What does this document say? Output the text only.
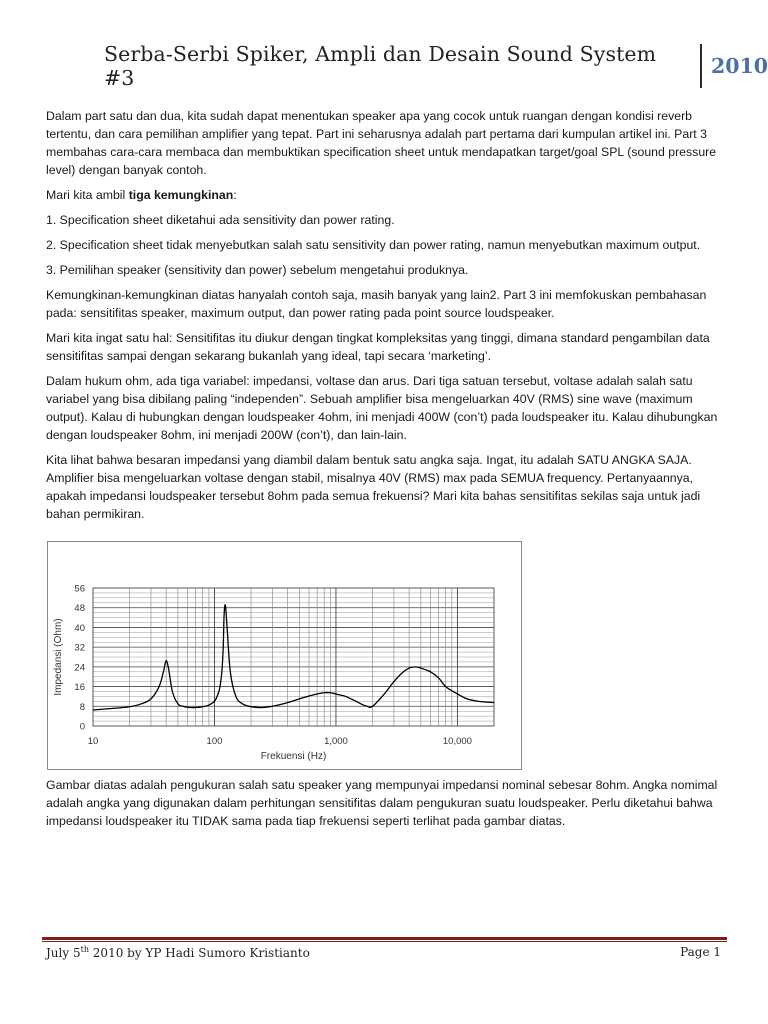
Serba-Serbi Spiker, Ampli dan Desain Sound System #3	2010

Dalam part satu dan dua, kita sudah dapat menentukan speaker apa yang cocok untuk ruangan dengan kondisi reverb tertentu, dan cara pemilihan amplifier yang tepat. Part ini seharusnya adalah part pertama dari kumpulan artikel ini. Part 3 membahas cara-cara membaca dan membuktikan specification sheet untuk mendapatkan target/goal SPL (sound pressure level) dengan banyak contoh.

Mari kita ambil tiga kemungkinan:

1. Specification sheet diketahui ada sensitivity dan power rating.

2. Specification sheet tidak menyebutkan salah satu sensitivity dan power rating, namun menyebutkan maximum output.

3. Pemilihan speaker (sensitivity dan power) sebelum mengetahui produknya.

Kemungkinan-kemungkinan diatas hanyalah contoh saja, masih banyak yang lain2. Part 3 ini memfokuskan pembahasan pada: sensitifitas speaker, maximum output, dan power rating pada point source loudspeaker.

Mari kita ingat satu hal: Sensitifitas itu diukur dengan tingkat kompleksitas yang tinggi, dimana standard pengambilan data sensitifitas sampai dengan sekarang bukanlah yang ideal, tapi secara ‘marketing’.

Dalam hukum ohm, ada tiga variabel: impedansi, voltase dan arus. Dari tiga satuan tersebut, voltase adalah salah satu variabel yang bisa dibilang paling “independen”. Sebuah amplifier bisa mengeluarkan 40V (RMS) sine wave (maximum output). Kalau di hubungkan dengan loudspeaker 4ohm, ini menjadi 400W (con’t) pada loudspeaker itu. Kalau dihubungkan dengan loudspeaker 8ohm, ini menjadi 200W (con’t), dan lain-lain.

Kita lihat bahwa besaran impedansi yang diambil dalam bentuk satu angka saja. Ingat, itu adalah SATU ANGKA SAJA. Amplifier bisa mengeluarkan voltase dengan stabil, misalnya 40V (RMS) max pada SEMUA frequency. Pertanyaannya, apakah impedansi loudspeaker tersebut 8ohm pada semua frekuensi? Mari kita bahas sensitifitas sekilas saja untuk jadi bahan permikiran.

0
8
16
24
32
40
48
56
10	100	1,000	10,000
Impedansi (Ohm)
Frekuensi (Hz)

Gambar diatas adalah pengukuran salah satu speaker yang mempunyai impedansi nominal sebesar 8ohm. Angka nomimal adalah angka yang digunakan dalam perhitungan sensitifitas dalam pengukuran suatu loudspeaker. Perlu diketahui bahwa impedansi loudspeaker itu TIDAK sama pada tiap frekuensi seperti terlihat pada gambar diatas.

July 5th 2010 by YP Hadi Sumoro Kristianto	Page 1
